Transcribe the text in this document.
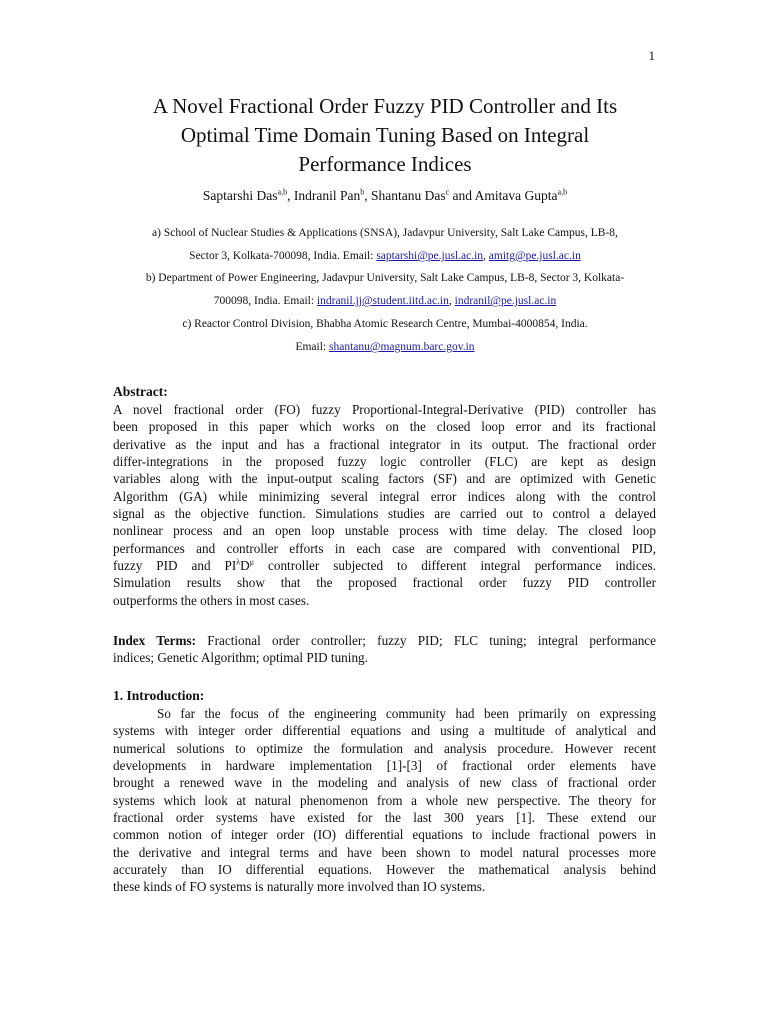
1
A Novel Fractional Order Fuzzy PID Controller and Its
Optimal Time Domain Tuning Based on Integral
Performance Indices
Saptarshi Das$^{a,b}$, Indranil Pan$^b$, Shantanu Das$^c$ and Amitava Gupta$^{a,b}$
a) School of Nuclear Studies & Applications (SNSA), Jadavpur University, Salt Lake Campus, LB-8,
Sector 3, Kolkata-700098, India. Email: saptarshi@pe.jusl.ac.in, amitg@pe.jusl.ac.in
b) Department of Power Engineering, Jadavpur University, Salt Lake Campus, LB-8, Sector 3, Kolkata-
700098, India. Email: indranil.jj@student.iitd.ac.in, indranil@pe.jusl.ac.in
c) Reactor Control Division, Bhabha Atomic Research Centre, Mumbai-4000854, India.
Email: shantanu@magnum.barc.gov.in
Abstract:
A novel fractional order (FO) fuzzy Proportional-Integral-Derivative (PID) controller has
been proposed in this paper which works on the closed loop error and its fractional
derivative as the input and has a fractional integrator in its output. The fractional order
differ-integrations in the proposed fuzzy logic controller (FLC) are kept as design
variables along with the input-output scaling factors (SF) and are optimized with Genetic
Algorithm (GA) while minimizing several integral error indices along with the control
signal as the objective function. Simulations studies are carried out to control a delayed
nonlinear process and an open loop unstable process with time delay. The closed loop
performances and controller efforts in each case are compared with conventional PID,
fuzzy PID and $PI^\lambda D^\mu$ controller subjected to different integral performance indices.
Simulation results show that the proposed fractional order fuzzy PID controller
outperforms the others in most cases.
Index Terms: Fractional order controller; fuzzy PID; FLC tuning; integral performance
indices; Genetic Algorithm; optimal PID tuning.
1. Introduction:
So far the focus of the engineering community had been primarily on expressing
systems with integer order differential equations and using a multitude of analytical and
numerical solutions to optimize the formulation and analysis procedure. However recent
developments in hardware implementation [1]-[3] of fractional order elements have
brought a renewed wave in the modeling and analysis of new class of fractional order
systems which look at natural phenomenon from a whole new perspective. The theory for
fractional order systems have existed for the last 300 years [1]. These extend our
common notion of integer order (IO) differential equations to include fractional powers in
the derivative and integral terms and have been shown to model natural processes more
accurately than IO differential equations. However the mathematical analysis behind
these kinds of FO systems is naturally more involved than IO systems.
